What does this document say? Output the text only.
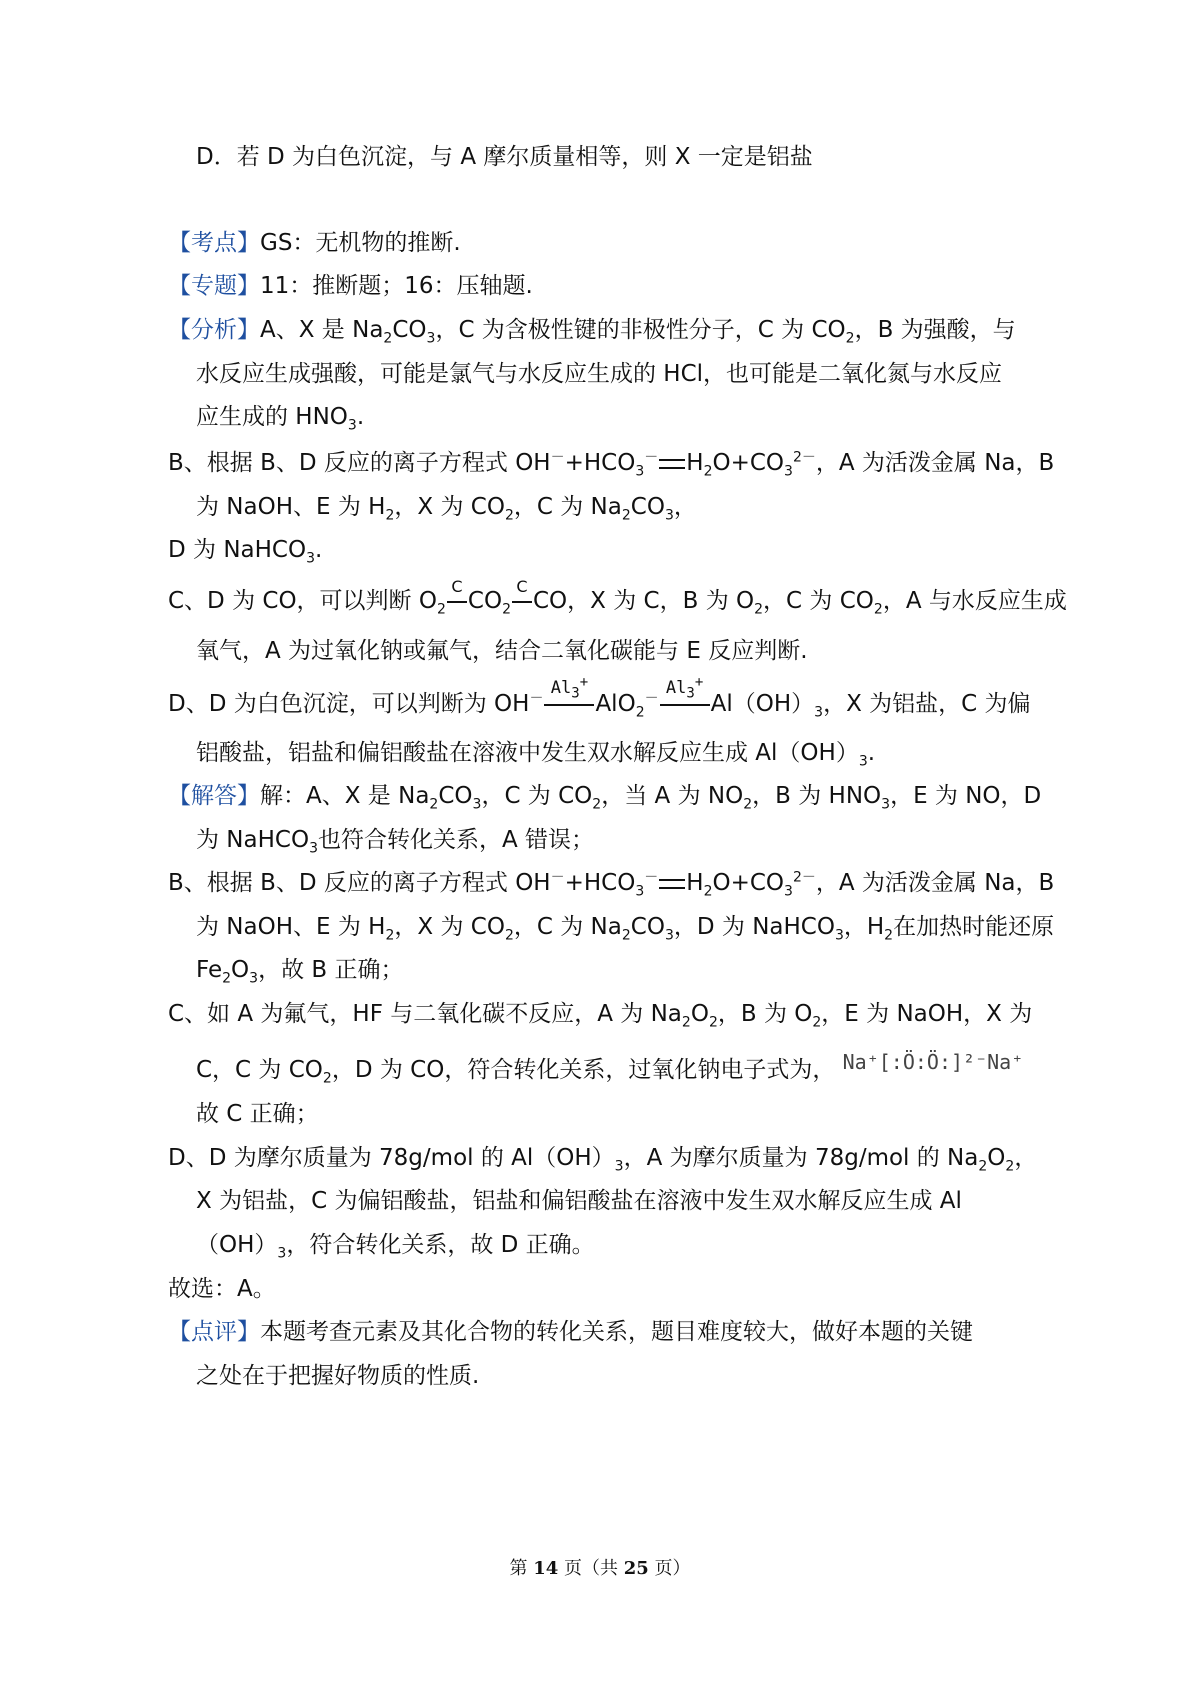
D．若 D 为白色沉淀，与 A 摩尔质量相等，则 X 一定是铝盐
【考点】GS：无机物的推断.
【专题】11：推断题；16：压轴题.
【分析】A、X 是 $Na_2CO_3$，C 为含极性键的非极性分子，C 为 $CO_2$，B 为强酸，与
水反应生成强酸，可能是氯气与水反应生成的 HCl，也可能是二氧化氮与水反应
应生成的 $HNO_3$.
B、根据 B、D 反应的离子方程式 $OH^-+HCO_3^-$ $H_2O+CO_3^{2-}$，A 为活泼金属 Na，B
为 NaOH、E 为 $H_2$，X 为 $CO_2$，C 为 $Na_2CO_3$，
D 为 NaHCO$_3$.
C、D 为 CO，可以判断 $O_2$
C
$CO_2$
C
CO，X 为 C，B 为 $O_2$，C 为 $CO_2$，A 与水反应生成
氧气，A 为过氧化钠或氟气，结合二氧化碳能与 E 反应判断.
D、D 为白色沉淀，可以判断为 OH－
$Al_3^+$
AlO$_2$－
$Al_3^+$
$Al(OH)_3$，X 为铝盐，C 为偏
铝酸盐，铝盐和偏铝酸盐在溶液中发生双水解反应生成 $Al(OH)_3$.
【解答】解：A、X 是 $Na_2CO_3$，C 为 $CO_2$，当 A 为 $NO_2$，B 为 $HNO_3$，E 为 NO，D
为 NaHCO$_3$也符合转化关系，A 错误；
B、根据 B、D 反应的离子方程式 $OH^-+HCO_3^-$ $H_2O+CO_3^{2-}$，A 为活泼金属 Na，B
为 NaOH、E 为 $H_2$，X 为 $CO_2$，C 为 $Na_2CO_3$，D 为 NaHCO$_3$，$H_2$在加热时能还原
$Fe_2O_3$，故 B 正确；
C、如 A 为氟气，HF 与二氧化碳不反应，A 为 $Na_2O_2$，B 为 $O_2$，E 为 NaOH，X 为
C，C 为 $CO_2$，D 为 CO，符合转化关系，过氧化钠电子式为， Na⁺[:Ö:Ö:]²⁻Na⁺
故 C 正确；
D、D 为摩尔质量为 78g/mol 的 $Al(OH)_3$，A 为摩尔质量为 78g/mol 的 $Na_2O_2$，
X 为铝盐，C 为偏铝酸盐，铝盐和偏铝酸盐在溶液中发生双水解反应生成 Al
$(OH)_3$，符合转化关系，故 D 正确。
故选：A。
【点评】本题考查元素及其化合物的转化关系，题目难度较大，做好本题的关键
之处在于把握好物质的性质.
第 14 页（共 25 页）
